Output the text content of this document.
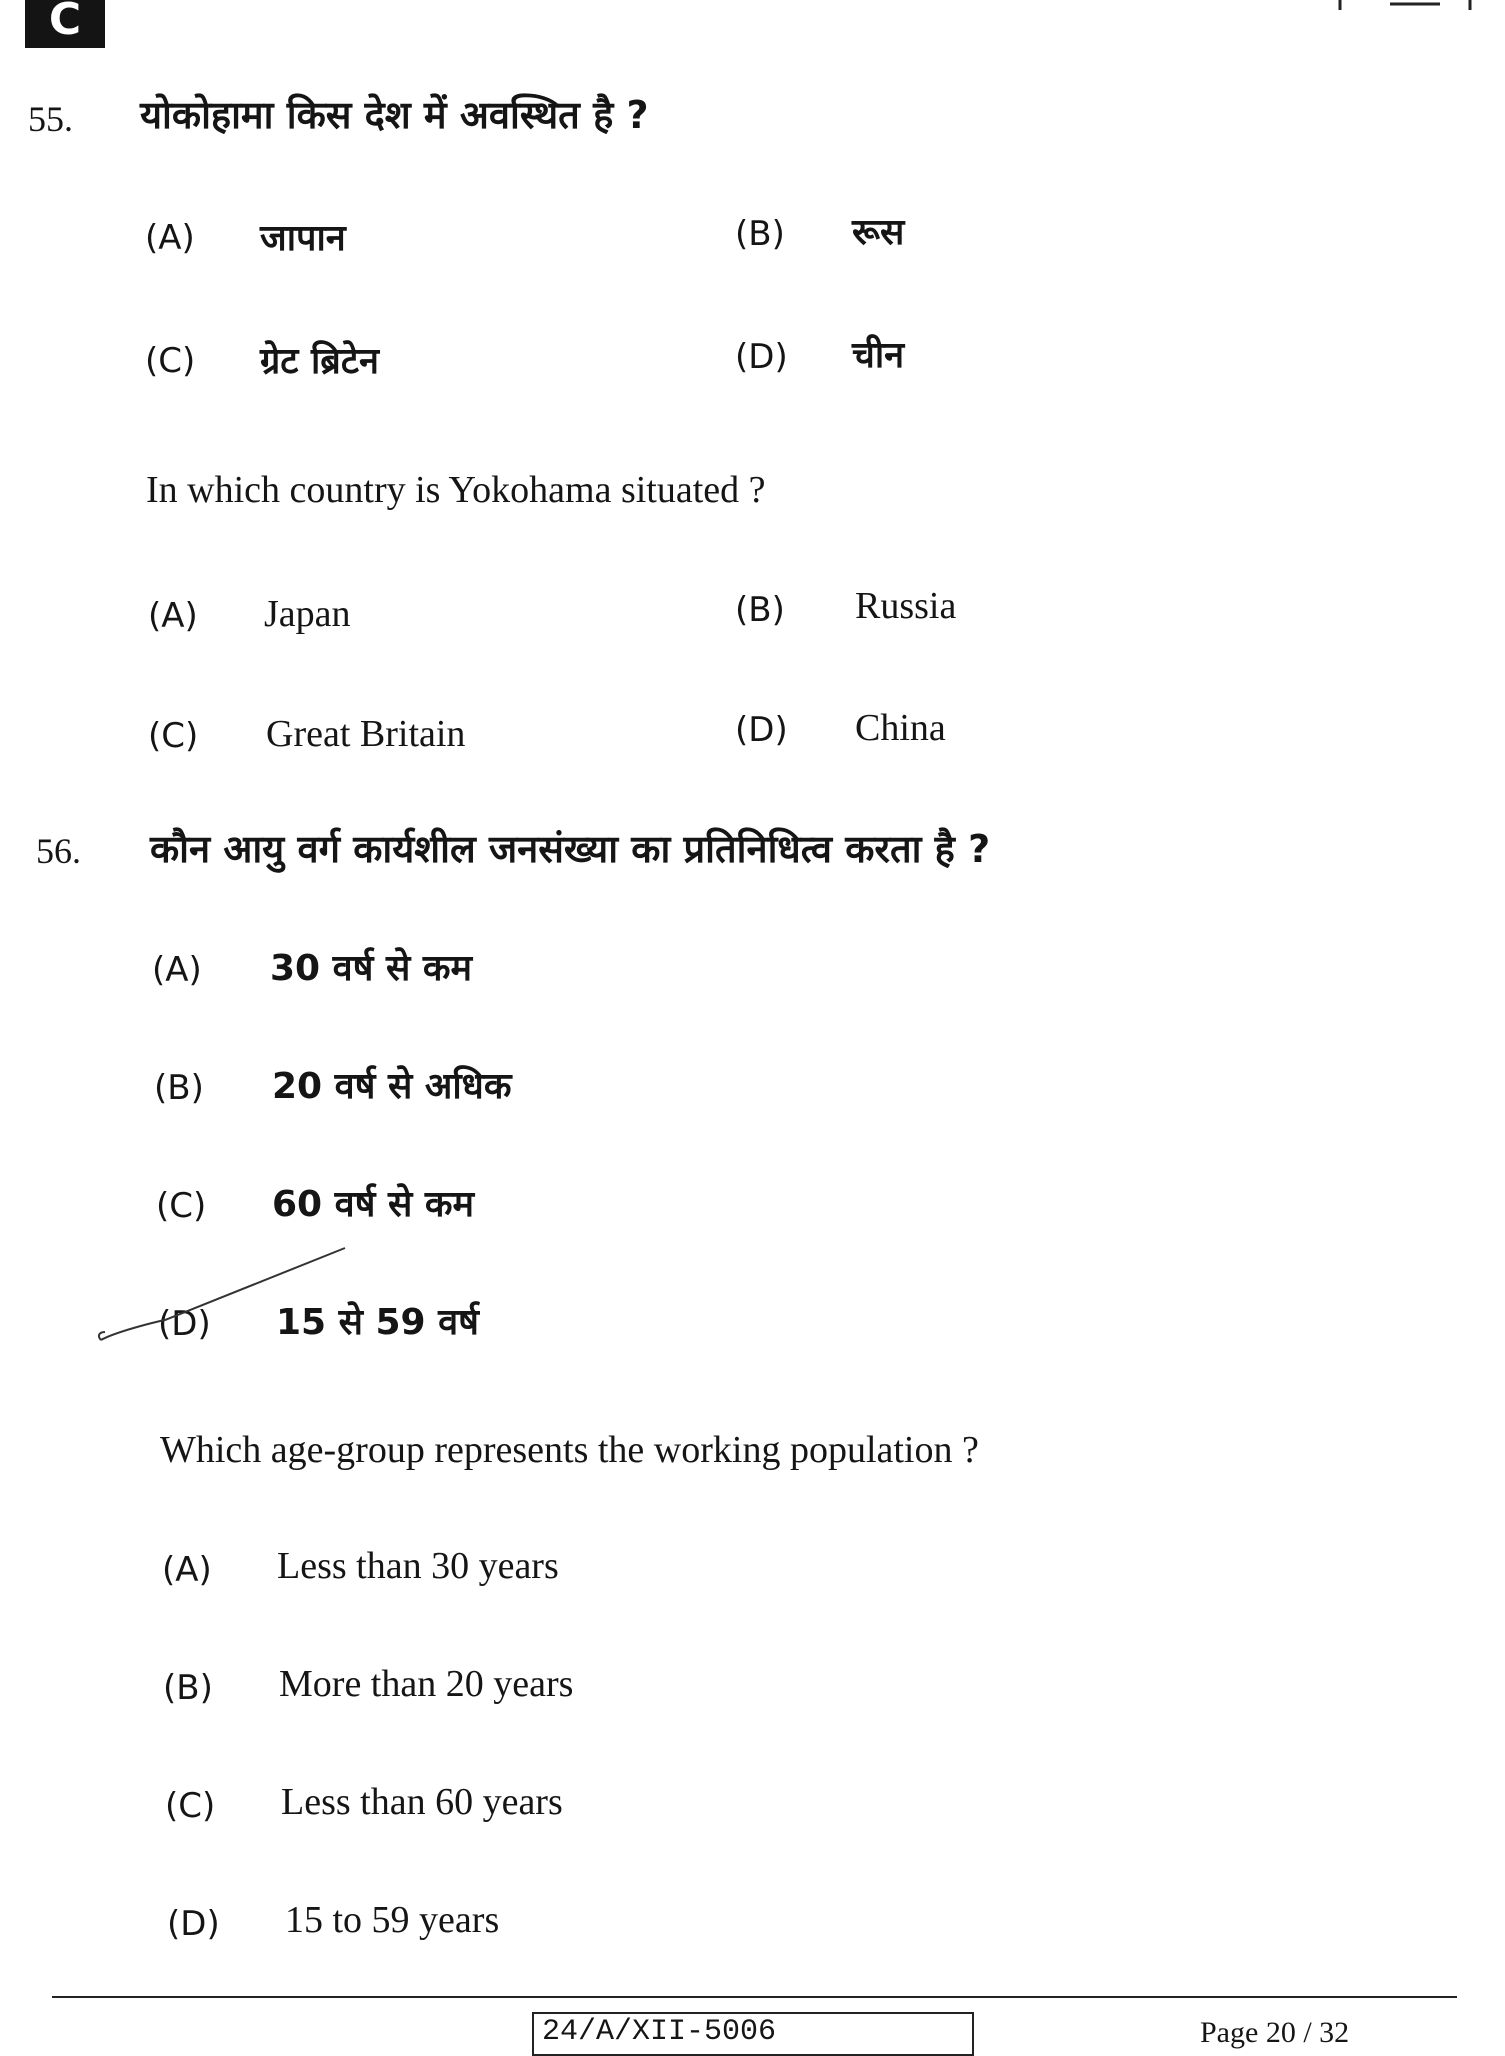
C
55. योकोहामा किस देश में अवस्थित है ?
(A) जापान	(B) रूस
(C) ग्रेट ब्रिटेन	(D) चीन
In which country is Yokohama situated ?
(A) Japan	(B) Russia
(C) Great Britain	(D) China
56. कौन आयु वर्ग कार्यशील जनसंख्या का प्रतिनिधित्व करता है ?
(A) 30 वर्ष से कम
(B) 20 वर्ष से अधिक
(C) 60 वर्ष से कम
(D) 15 से 59 वर्ष
Which age-group represents the working population ?
(A) Less than 30 years
(B) More than 20 years
(C) Less than 60 years
(D) 15 to 59 years
24/A/XII-5006	Page 20 / 32
